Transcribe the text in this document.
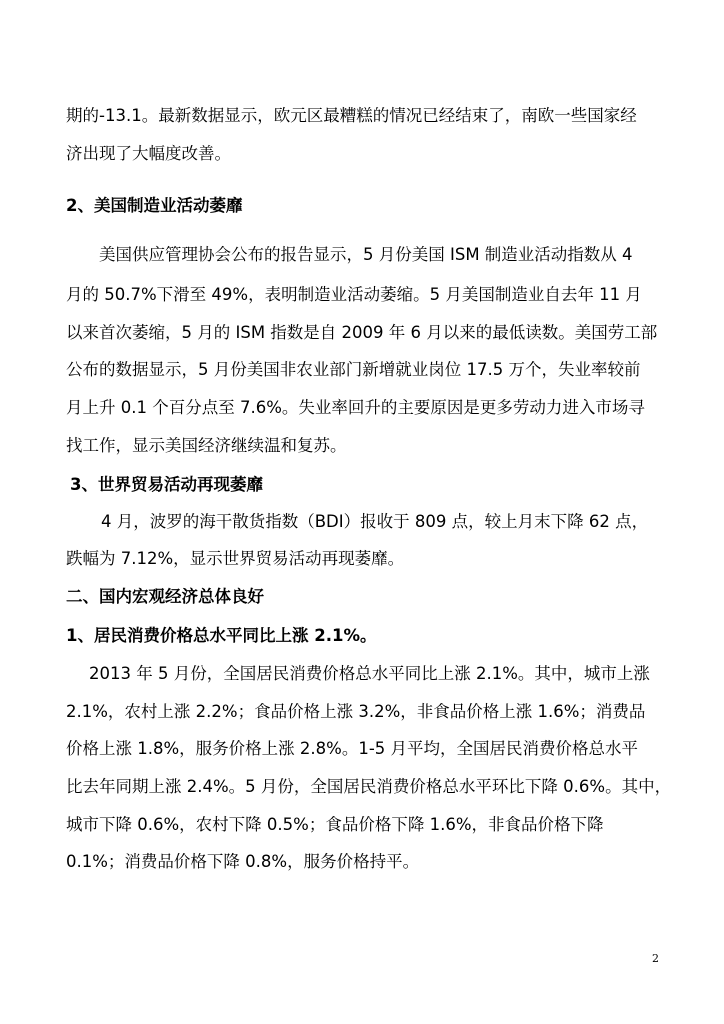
期的-13.1。最新数据显示，欧元区最糟糕的情况已经结束了，南欧一些国家经
济出现了大幅度改善。
2、美国制造业活动萎靡
美国供应管理协会公布的报告显示，5 月份美国 ISM 制造业活动指数从 4
月的 50.7%下滑至 49%，表明制造业活动萎缩。5 月美国制造业自去年 11 月
以来首次萎缩，5 月的 ISM 指数是自 2009 年 6 月以来的最低读数。美国劳工部
公布的数据显示，5 月份美国非农业部门新增就业岗位 17.5 万个，失业率较前
月上升 0.1 个百分点至 7.6%。失业率回升的主要原因是更多劳动力进入市场寻
找工作，显示美国经济继续温和复苏。
3、世界贸易活动再现萎靡
4 月，波罗的海干散货指数（BDI）报收于 809 点，较上月末下降 62 点，
跌幅为 7.12%，显示世界贸易活动再现萎靡。
二、国内宏观经济总体良好
1、居民消费价格总水平同比上涨 2.1%。
2013 年 5 月份，全国居民消费价格总水平同比上涨 2.1%。其中，城市上涨
2.1%，农村上涨 2.2%；食品价格上涨 3.2%，非食品价格上涨 1.6%；消费品
价格上涨 1.8%，服务价格上涨 2.8%。1-5 月平均，全国居民消费价格总水平
比去年同期上涨 2.4%。5 月份，全国居民消费价格总水平环比下降 0.6%。其中，
城市下降 0.6%，农村下降 0.5%；食品价格下降 1.6%，非食品价格下降
0.1%；消费品价格下降 0.8%，服务价格持平。
2
